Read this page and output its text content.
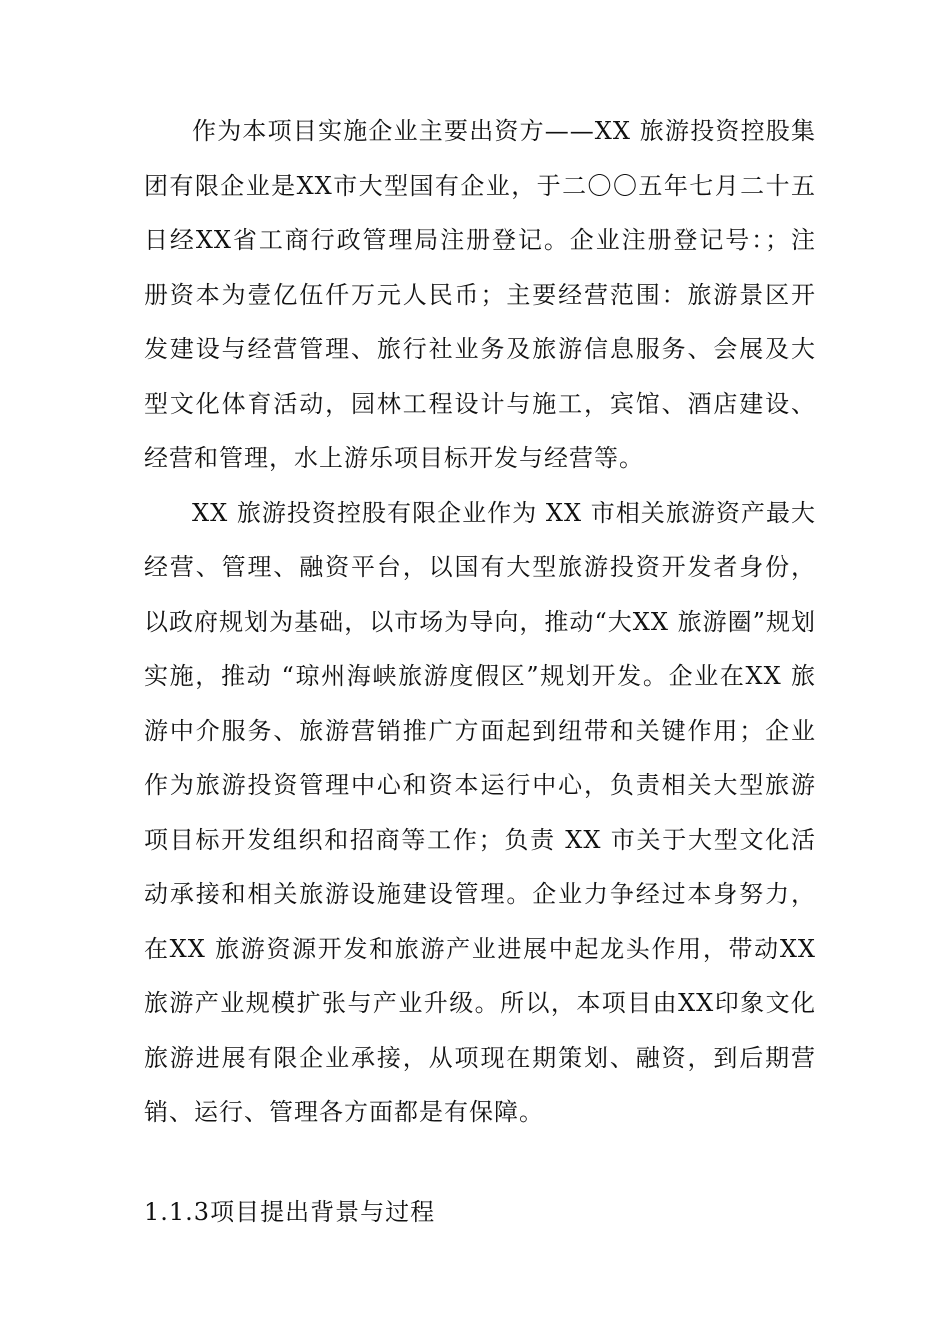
作为本项目实施企业主要出资方——XX 旅游投资控股集团有限企业是XX市大型国有企业，于二〇〇五年七月二十五日经XX省工商行政管理局注册登记。企业注册登记号：；注册资本为壹亿伍仟万元人民币；主要经营范围：旅游景区开发建设与经营管理、旅行社业务及旅游信息服务、会展及大型文化体育活动，园林工程设计与施工，宾馆、酒店建设、经营和管理，水上游乐项目标开发与经营等。

XX 旅游投资控股有限企业作为 XX 市相关旅游资产最大经营、管理、融资平台，以国有大型旅游投资开发者身份，以政府规划为基础，以市场为导向，推动“大XX 旅游圈”规划实施，推动 “琼州海峡旅游度假区”规划开发。企业在XX 旅游中介服务、旅游营销推广方面起到纽带和关键作用；企业作为旅游投资管理中心和资本运行中心，负责相关大型旅游项目标开发组织和招商等工作；负责 XX 市关于大型文化活动承接和相关旅游设施建设管理。企业力争经过本身努力，在XX 旅游资源开发和旅游产业进展中起龙头作用，带动XX旅游产业规模扩张与产业升级。所以，本项目由XX印象文化旅游进展有限企业承接，从项现在期策划、融资，到后期营销、运行、管理各方面都是有保障。

1.1.3项目提出背景与过程
